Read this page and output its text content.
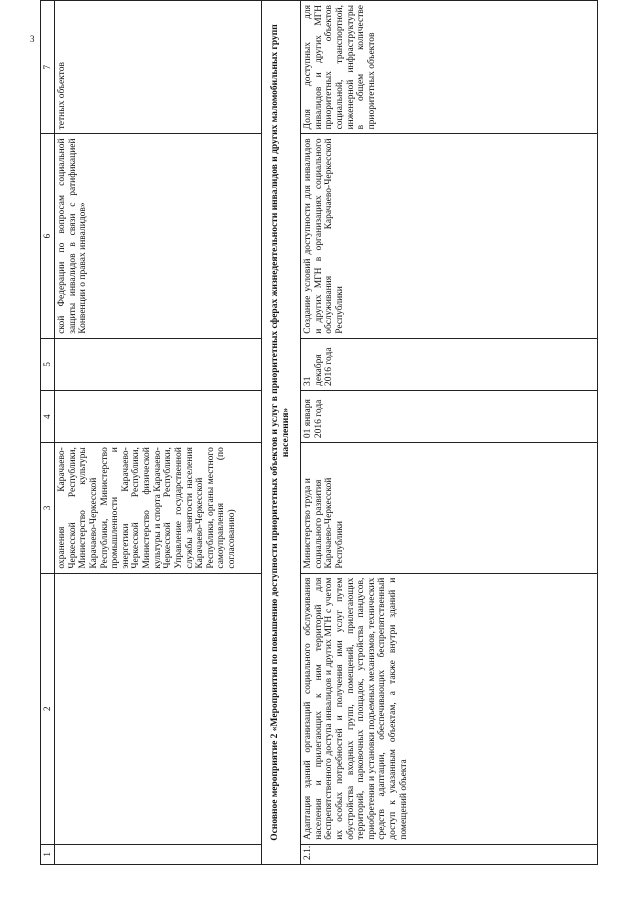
3
1	2	3	4	5	6	7
		охранения Карачаево-Черкесской Республики, Министерство культуры Карачаево-Черкесской Республики, Министерство промышленности и энергетики Карачаево-Черкесской Республики, Министерство физической культуры и спорта Карачаево-Черкесской Республики, Управление государственной службы занятости населения Карачаево-Черкесской Республики, органы местного самоуправления (по согласованию)			ской Федерации по вопросам социальной защиты инвалидов в связи с ратификацией Конвенции о правах инвалидов»	тетных объектов
Основное мероприятие 2 «Мероприятия по повышению доступности приоритетных объектов и услуг в приоритетных сферах жизнедеятельности инвалидов и других маломобильных групп населения»						
2.1.	Адаптация зданий организаций социального обслуживания населения и прилегающих к ним территорий для беспрепятственного доступа инвалидов и других МГН с учетом их особых потребностей и получения ими услуг путем обустройства входных групп, помещений, прилегающих территорий, парковочных площадок, устройства пандусов, приобретения и установки подъемных механизмов, технических средств адаптации, обеспечивающих беспрепятственный доступ к указанным объектам, а также внутри зданий и помещений объекта	Министерство труда и социального развития Карачаево-Черкесской Республики	01 января 2016 года	31 декабря 2016 года	Создание условий доступности для инвалидов и других МГН в организациях социального обслуживания Карачаево-Черкесской Республики	Доля доступных для инвалидов и других МГН приоритетных объектов социальной, транспортной, инженерной инфраструктуры в общем количестве приоритетных объектов
